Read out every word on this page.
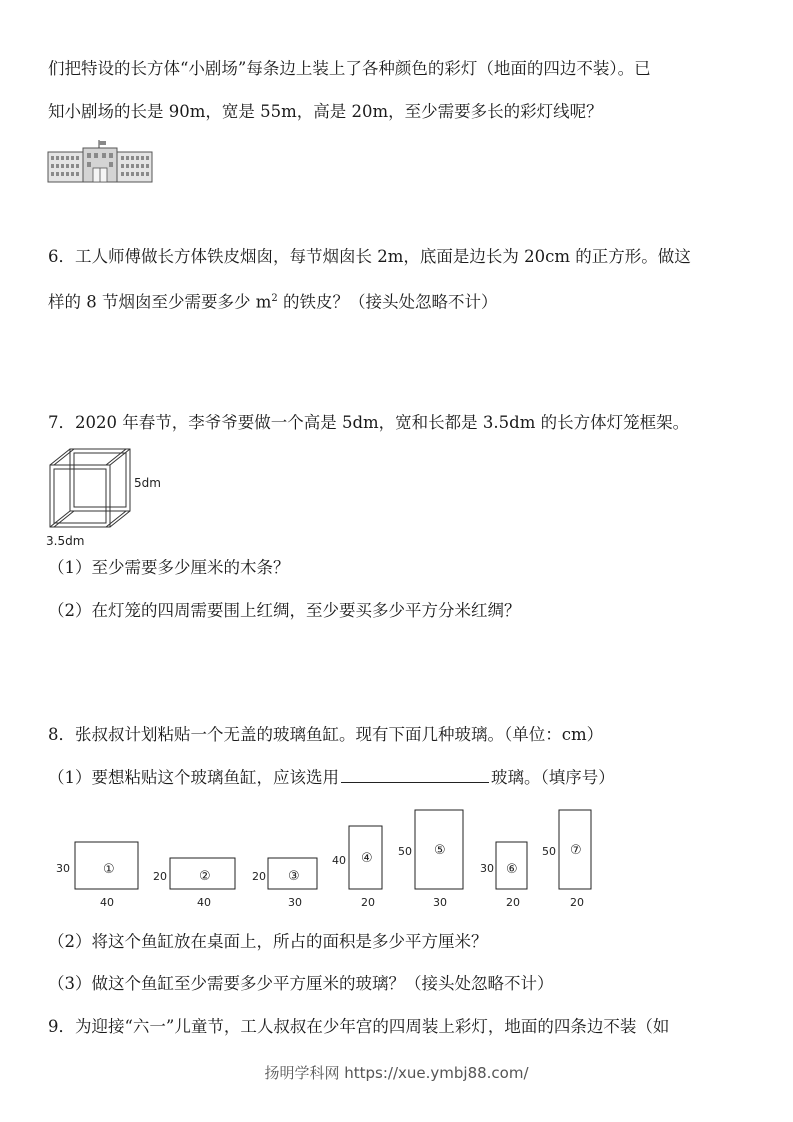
们把特设的长方体“小剧场”每条边上装上了各种颜色的彩灯（地面的四边不装）。已
知小剧场的长是 90m，宽是 55m，高是 20m，至少需要多长的彩灯线呢？
6．工人师傅做长方体铁皮烟囱，每节烟囱长 2m，底面是边长为 20cm 的正方形。做这
样的 8 节烟囱至少需要多少 $m^2$ 的铁皮？（接头处忽略不计）
7．2020 年春节，李爷爷要做一个高是 5dm，宽和长都是 3.5dm 的长方体灯笼框架。
5dm
3.5dm
（1）至少需要多少厘米的木条？
（2）在灯笼的四周需要围上红绸，至少要买多少平方分米红绸？
8．张叔叔计划粘贴一个无盖的玻璃鱼缸。现有下面几种玻璃。（单位：cm）
（1）要想粘贴这个玻璃鱼缸，应该选用	玻璃。（填序号）
①
30
40
②
20
40
③
20
30
④
40
20
⑤
50
30
⑥
30
20
⑦
50
20
（2）将这个鱼缸放在桌面上，所占的面积是多少平方厘米？
（3）做这个鱼缸至少需要多少平方厘米的玻璃？（接头处忽略不计）
9．为迎接“六一”儿童节，工人叔叔在少年宫的四周装上彩灯，地面的四条边不装（如
扬明学科网 https://xue.ymbj88.com/
